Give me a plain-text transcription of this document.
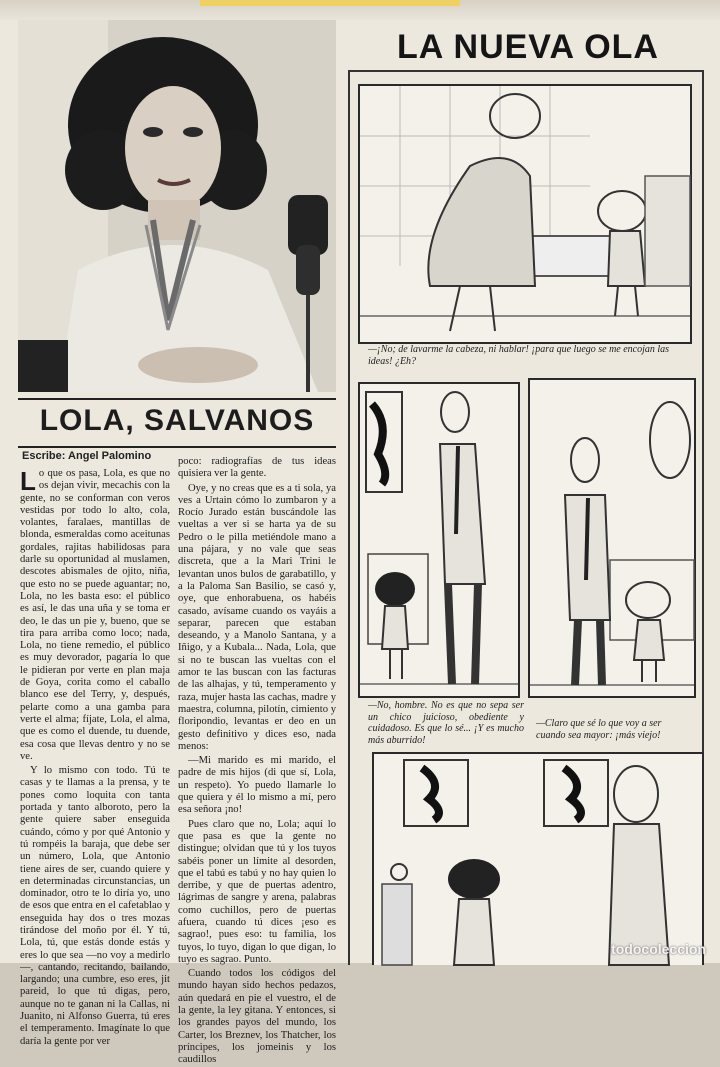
LOLA, SALVANOS
Escribe: Angel Palomino

Lo que os pasa, Lola, es que no os dejan vivir, mecachis con la gente, no se conforman con veros vestidas por todo lo alto, cola, volantes, faralaes, mantillas de blonda, esmeraldas como aceitunas gordales, rajitas habilidosas para darle su oportunidad al muslamen, descotes abismales de ojito, niña, que esto no se puede aguantar; no, Lola, no les basta eso: el público es así, le das una uña y se toma er deo, le das un pie y, bueno, que se tira para arriba como loco; nada, Lola, no tiene remedio, el público es muy devorador, pagaría lo que le pidieran por verte en plan maja de Goya, corita como el caballo blanco ese del Terry, y, después, pelarte como a una gamba para verte el alma; fíjate, Lola, el alma, que es como el duende, tu duende, esa cosa que llevas dentro y no se ve.

Y lo mismo con todo. Tú te casas y te llamas a la prensa, y te pones como loquita con tanta portada y tanto alboroto, pero la gente quiere saber enseguida cuándo, cómo y por qué Antonio y tú rompéis la baraja, que debe ser un número, Lola, que Antonio tiene aires de ser, cuando quiere y en determinadas circunstancias, un dominador, otro te lo diría yo, uno de esos que entra en el cafetablao y enseguida hay dos o tres mozas tirándose del moño por él. Y tú, Lola, tú, que estás donde estás y eres lo que sea —no voy a medirlo—, cantando, recitando, bailando, largando; una cumbre, eso eres, jit pareid, lo que tú digas, pero, aunque no te ganan ni la Callas, ni Juanito, ni Alfonso Guerra, tú eres el temperamento. Imagínate lo que daría la gente por ver

poco: radiografías de tus ideas quisiera ver la gente.

Oye, y no creas que es a ti sola, ya ves a Urtain cómo lo zumbaron y a Rocío Jurado están buscándole las vueltas a ver si se harta ya de su Pedro o le pilla metiéndole mano a una pájara, y no vale que seas discreta, que a la Mari Trini le levantan unos bulos de garabatillo, y a la Paloma San Basilio, se casó y, oye, que enhorabuena, os habéis casado, avísame cuando os vayáis a separar, parecen que estaban deseando, y a Manolo Santana, y a Iñigo, y a Kubala... Nada, Lola, que si no te buscan las vueltas con el amor te las buscan con las facturas de las alhajas, y tú, temperamento y raza, mujer hasta las cachas, madre y maestra, columna, pilotín, cimiento y floripondio, levantas er deo en un gesto definitivo y dices eso, nada menos:

—Mi marido es mi marido, el padre de mis hijos (di que sí, Lola, un respeto). Yo puedo llamarle lo que quiera y él lo mismo a mí, pero esa señora ¡no!

Pues claro que no, Lola; aquí lo que pasa es que la gente no distingue; olvidan que tú y los tuyos sabéis poner un límite al desorden, que el tabú es tabú y no hay quien lo derribe, y que de puertas adentro, lágrimas de sangre y arena, palabras como cuchillos, pero de puertas afuera, cuando tú dices ¡eso es sagrao!, pues eso: tu familia, los tuyos, lo tuyo, digan lo que digan, lo tuyo es sagrao. Punto.

Cuando todos los códigos del mundo hayan sido hechos pedazos, aún quedará en pie el vuestro, el de la gente, la ley gitana. Y entonces, si los grandes payos del mundo, los Carter, los Breznev, los Thatcher, los príncipes, los jomeinis y los caudillos

LA NUEVA OLA
—¡No; de lavarme la cabeza, ni hablar! ¡para que luego se me encojan las ideas! ¿Eh?
—No, hombre. No es que no sepa ser un chico juicioso, obediente y cuidadoso. Es que lo sé... ¡Y es mucho más aburrido!
—Claro que sé lo que voy a ser cuando sea mayor: ¡más viejo!
todocoleccion
